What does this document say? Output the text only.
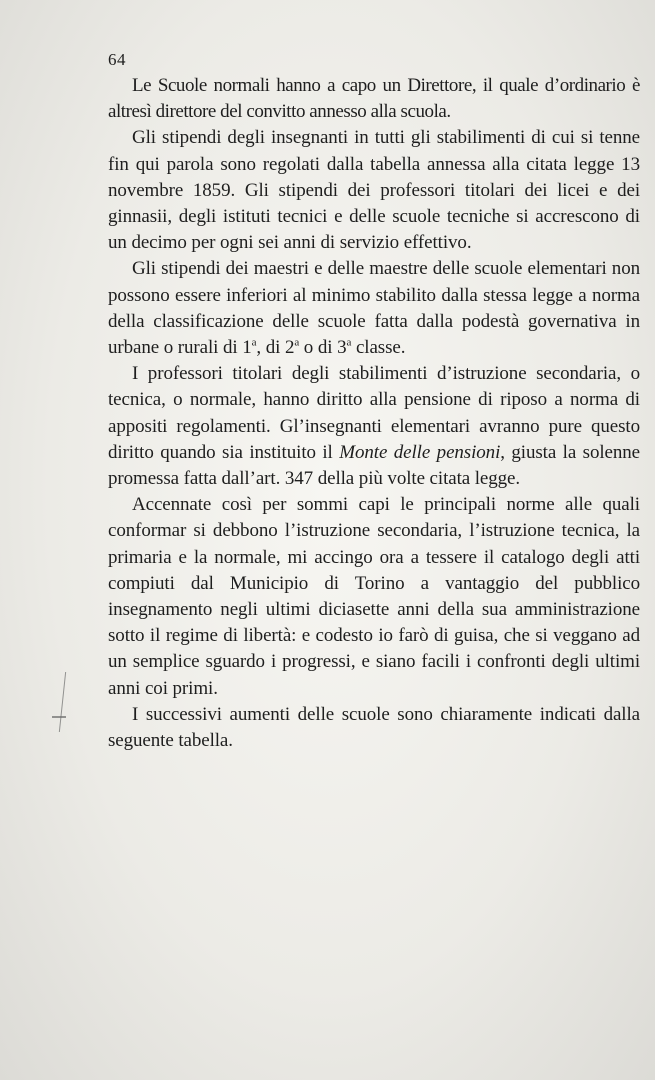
64

Le Scuole normali hanno a capo un Direttore, il quale d’ordinario è altresì direttore del convitto annesso alla scuola.

Gli stipendi degli insegnanti in tutti gli stabilimenti di cui si tenne fin qui parola sono regolati dalla tabella annessa alla citata legge 13 novembre 1859. Gli stipendi dei professori titolari dei licei e dei ginnasii, degli istituti tecnici e delle scuole tecniche si accrescono di un decimo per ogni sei anni di servizio effettivo.

Gli stipendi dei maestri e delle maestre delle scuole elementari non possono essere inferiori al minimo stabilito dalla stessa legge a norma della classificazione delle scuole fatta dalla podestà governativa in urbane o rurali di 1$^a$, di 2$^a$ o di 3$^a$ classe.

I professori titolari degli stabilimenti d’istruzione secondaria, o tecnica, o normale, hanno diritto alla pensione di riposo a norma di appositi regolamenti. Gl’insegnanti elementari avranno pure questo diritto quando sia instituito il Monte delle pensioni, giusta la solenne promessa fatta dall’art. 347 della più volte citata legge.

Accennate così per sommi capi le principali norme alle quali conformar si debbono l’istruzione secondaria, l’istruzione tecnica, la primaria e la normale, mi accingo ora a tessere il catalogo degli atti compiuti dal Municipio di Torino a vantaggio del pubblico insegnamento negli ultimi diciasette anni della sua amministrazione sotto il regime di libertà: e codesto io farò di guisa, che si veggano ad un semplice sguardo i progressi, e siano facili i confronti degli ultimi anni coi primi.

I successivi aumenti delle scuole sono chiaramente indicati dalla seguente tabella.
